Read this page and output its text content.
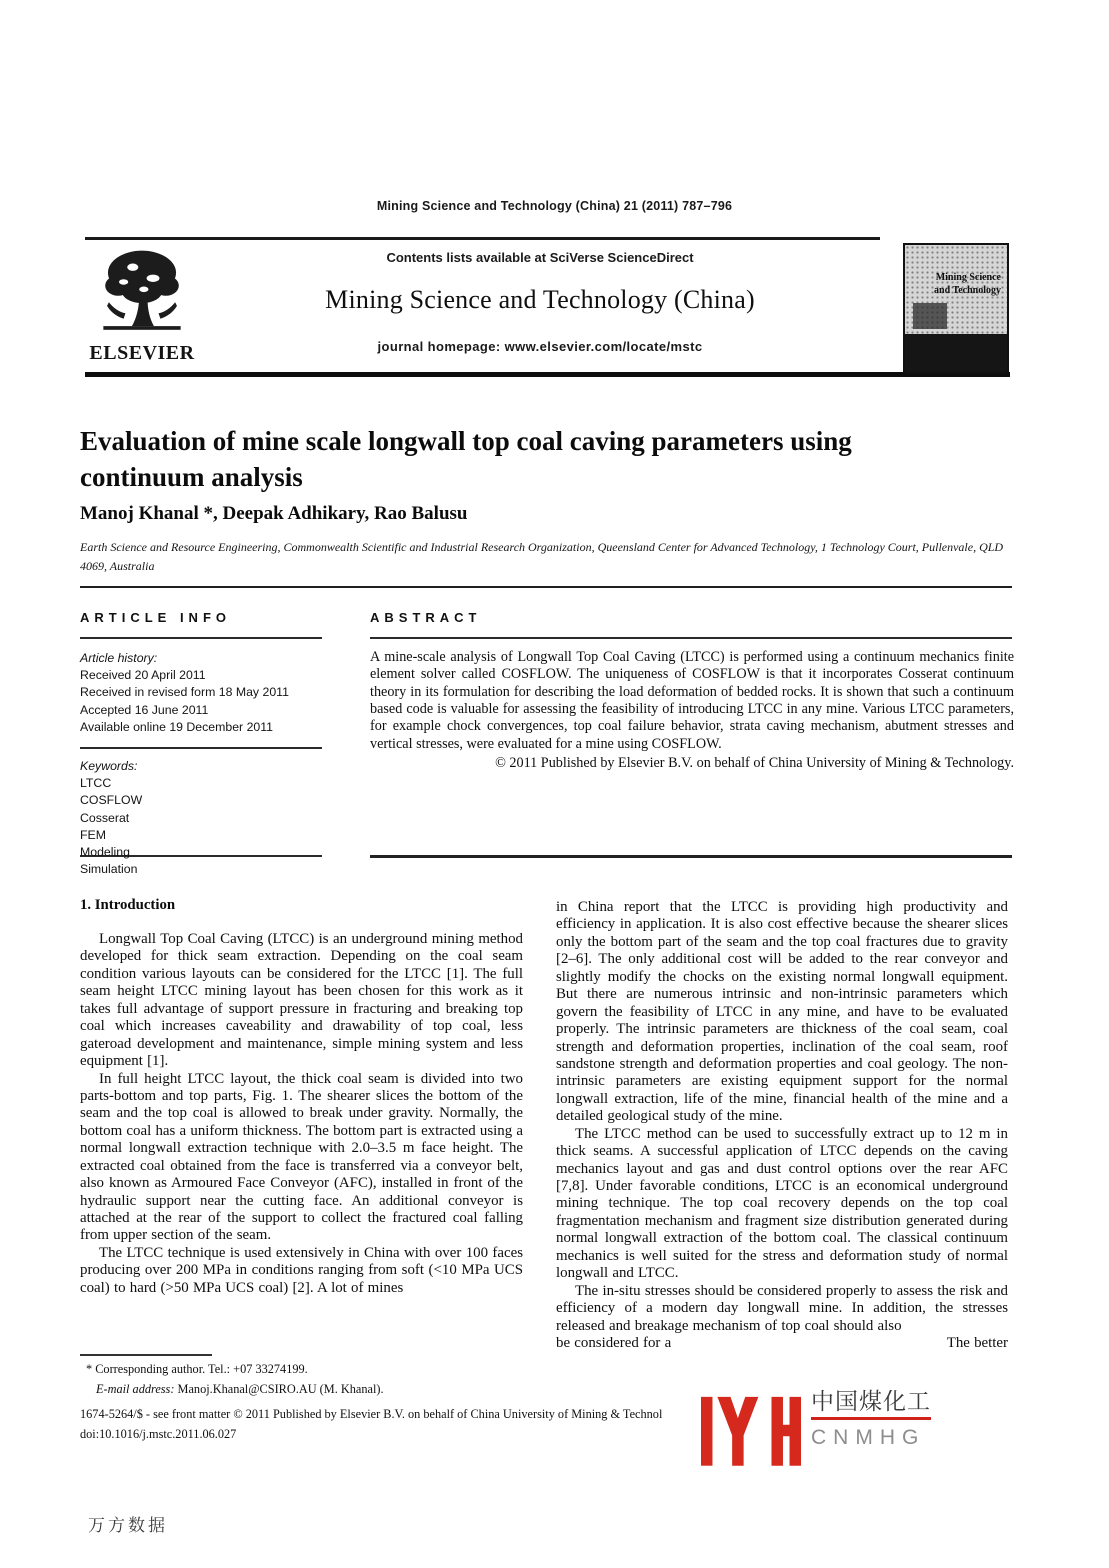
Mining Science and Technology (China) 21 (2011) 787–796
ELSEVIER
Contents lists available at SciVerse ScienceDirect
Mining Science and Technology (China)
journal homepage: www.elsevier.com/locate/mstc
Mining Science
and Technology
Evaluation of mine scale longwall top coal caving parameters using continuum analysis
Manoj Khanal *, Deepak Adhikary, Rao Balusu
Earth Science and Resource Engineering, Commonwealth Scientific and Industrial Research Organization, Queensland Center for Advanced Technology, 1 Technology Court, Pullenvale, QLD 4069, Australia
ARTICLE INFO	ABSTRACT
Article history:
Received 20 April 2011
Received in revised form 18 May 2011
Accepted 16 June 2011
Available online 19 December 2011
Keywords:
LTCC
COSFLOW
Cosserat
FEM
Modeling
Simulation
A mine-scale analysis of Longwall Top Coal Caving (LTCC) is performed using a continuum mechanics finite element solver called COSFLOW. The uniqueness of COSFLOW is that it incorporates Cosserat continuum theory in its formulation for describing the load deformation of bedded rocks. It is shown that such a continuum based code is valuable for assessing the feasibility of introducing LTCC in any mine. Various LTCC parameters, for example chock convergences, top coal failure behavior, strata caving mechanism, abutment stresses and vertical stresses, were evaluated for a mine using COSFLOW.
© 2011 Published by Elsevier B.V. on behalf of China University of Mining & Technology.
1. Introduction

Longwall Top Coal Caving (LTCC) is an underground mining method developed for thick seam extraction. Depending on the coal seam condition various layouts can be considered for the LTCC [1]. The full seam height LTCC mining layout has been chosen for this work as it takes full advantage of support pressure in fracturing and breaking top coal which increases caveability and drawability of top coal, less gateroad development and maintenance, simple mining system and less equipment [1].

In full height LTCC layout, the thick coal seam is divided into two parts-bottom and top parts, Fig. 1. The shearer slices the bottom of the seam and the top coal is allowed to break under gravity. Normally, the bottom coal has a uniform thickness. The bottom part is extracted using a normal longwall extraction technique with 2.0–3.5 m face height. The extracted coal obtained from the face is transferred via a conveyor belt, also known as Armoured Face Conveyor (AFC), installed in front of the hydraulic support near the cutting face. An additional conveyor is attached at the rear of the support to collect the fractured coal falling from upper section of the seam.

The LTCC technique is used extensively in China with over 100 faces producing over 200 MPa in conditions ranging from soft (<10 MPa UCS coal) to hard (>50 MPa UCS coal) [2]. A lot of mines

in China report that the LTCC is providing high productivity and efficiency in application. It is also cost effective because the shearer slices only the bottom part of the seam and the top coal fractures due to gravity [2–6]. The only additional cost will be added to the rear conveyor and slightly modify the chocks on the existing normal longwall equipment. But there are numerous intrinsic and non-intrinsic parameters which govern the feasibility of LTCC in any mine, and have to be evaluated properly. The intrinsic parameters are thickness of the coal seam, coal strength and deformation properties, inclination of the coal seam, roof sandstone strength and deformation properties and coal geology. The non-intrinsic parameters are existing equipment support for the normal longwall extraction, life of the mine, financial health of the mine and a detailed geological study of the mine.

The LTCC method can be used to successfully extract up to 12 m in thick seams. A successful application of LTCC depends on the caving mechanics layout and gas and dust control options over the rear AFC [7,8]. Under favorable conditions, LTCC is an economical underground mining technique. The top coal recovery depends on the top coal fragmentation mechanism and fragment size distribution generated during normal longwall extraction of the bottom coal. The classical continuum mechanics is well suited for the stress and deformation study of normal longwall and LTCC.

The in-situ stresses should be considered properly to assess the risk and efficiency of a modern day longwall mine. In addition, the stresses released and breakage mechanism of top coal should also

be considered for a	The better
* Corresponding author. Tel.: +07 33274199.
E-mail address: Manoj.Khanal@CSIRO.AU (M. Khanal).
1674-5264/$ - see front matter © 2011 Published by Elsevier B.V. on behalf of China University of Mining & Technol
doi:10.1016/j.mstc.2011.06.027
中国煤化工
CNMHG
万方数据
